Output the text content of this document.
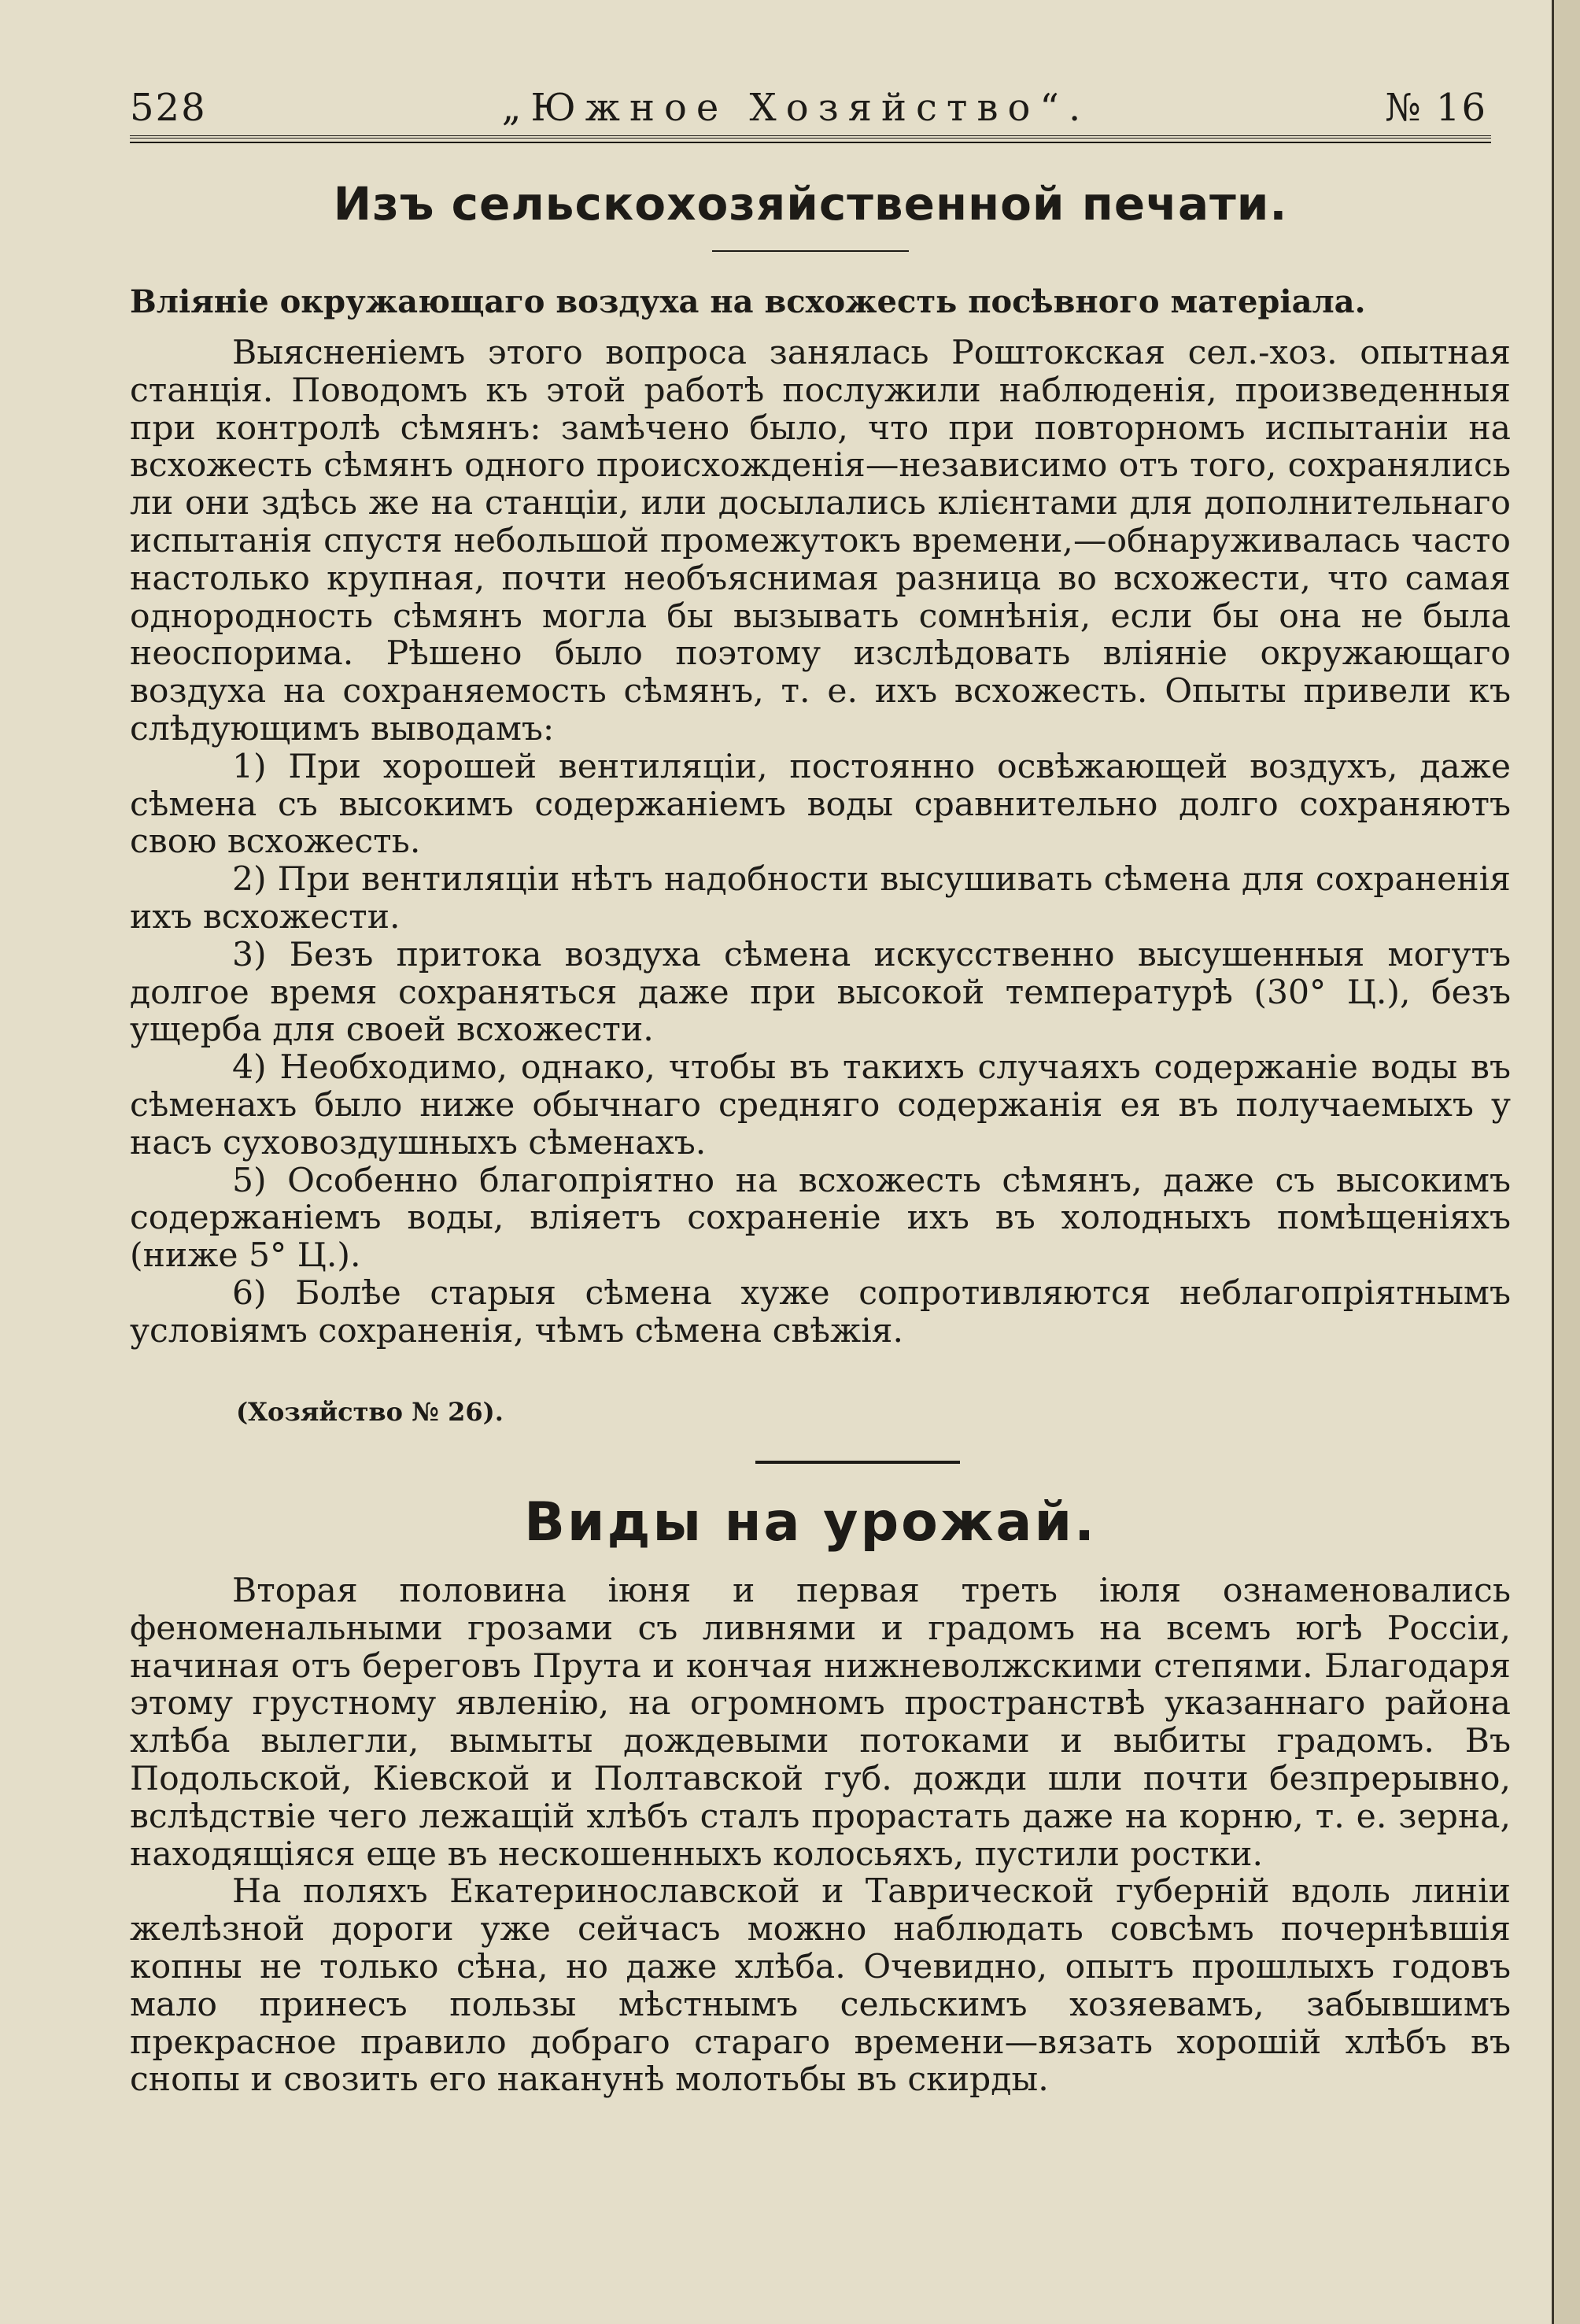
528	„Южное Хозяйство“.	№ 16
Изъ сельскохозяйственной печати.
Вліяніе окружающаго воздуха на всхожесть посѣвного матеріала.

Выясненіемъ этого вопроса занялась Роштокская сел.-хоз. опытная станція. Поводомъ къ этой работѣ послужили наблюденія, произведенныя при контролѣ сѣмянъ: замѣчено было, что при повторномъ испытаніи на всхожесть сѣмянъ одного происхожденія—независимо отъ того, сохранялись ли они здѣсь же на станціи, или досылались клієнтами для дополнительнаго испытанія спустя небольшой промежутокъ времени,—обнаруживалась часто настолько крупная, почти необъяснимая разница во всхожести, что самая однородность сѣмянъ могла бы вызывать сомнѣнія, если бы она не была неоспорима. Рѣшено было поэтому изслѣдовать вліяніе окружающаго воздуха на сохраняемость сѣмянъ, т. е. ихъ всхожесть. Опыты привели къ слѣдующимъ выводамъ:

1) При хорошей вентиляціи, постоянно освѣжающей воздухъ, даже сѣмена съ высокимъ содержаніемъ воды сравнительно долго сохраняютъ свою всхожесть.

2) При вентиляціи нѣтъ надобности высушивать сѣмена для сохраненія ихъ всхожести.

3) Безъ притока воздуха сѣмена искусственно высушенныя могутъ долгое время сохраняться даже при высокой температурѣ (30° Ц.), безъ ущерба для своей всхожести.

4) Необходимо, однако, чтобы въ такихъ случаяхъ содержаніе воды въ сѣменахъ было ниже обычнаго средняго содержанія ея въ получаемыхъ у насъ суховоздушныхъ сѣменахъ.

5) Особенно благопріятно на всхожесть сѣмянъ, даже съ высокимъ содержаніемъ воды, вліяетъ сохраненіе ихъ въ холодныхъ помѣщеніяхъ (ниже 5° Ц.).

6) Болѣе старыя сѣмена хуже сопротивляются неблагопріятнымъ условіямъ сохраненія, чѣмъ сѣмена свѣжія.

(Хозяйство № 26).
Виды на урожай.

Вторая половина іюня и первая треть іюля ознаменовались феноменальными грозами съ ливнями и градомъ на всемъ югѣ Россіи, начиная отъ береговъ Прута и кончая нижневолжскими степями. Благодаря этому грустному явленію, на огромномъ пространствѣ указаннаго района хлѣба вылегли, вымыты дождевыми потоками и выбиты градомъ. Въ Подольской, Кіевской и Полтавской губ. дожди шли почти безпрерывно, вслѣдствіе чего лежащій хлѣбъ сталъ прорастать даже на корню, т. е. зерна, находящіяся еще въ нескошенныхъ колосьяхъ, пустили ростки.

На поляхъ Екатеринославской и Таврической губерній вдоль линіи желѣзной дороги уже сейчасъ можно наблюдать совсѣмъ почернѣвшія копны не только сѣна, но даже хлѣба. Очевидно, опытъ прошлыхъ годовъ мало принесъ пользы мѣстнымъ сельскимъ хозяевамъ, забывшимъ прекрасное правило добраго стараго времени—вязать хорошій хлѣбъ въ снопы и свозить его наканунѣ молотьбы въ скирды.
